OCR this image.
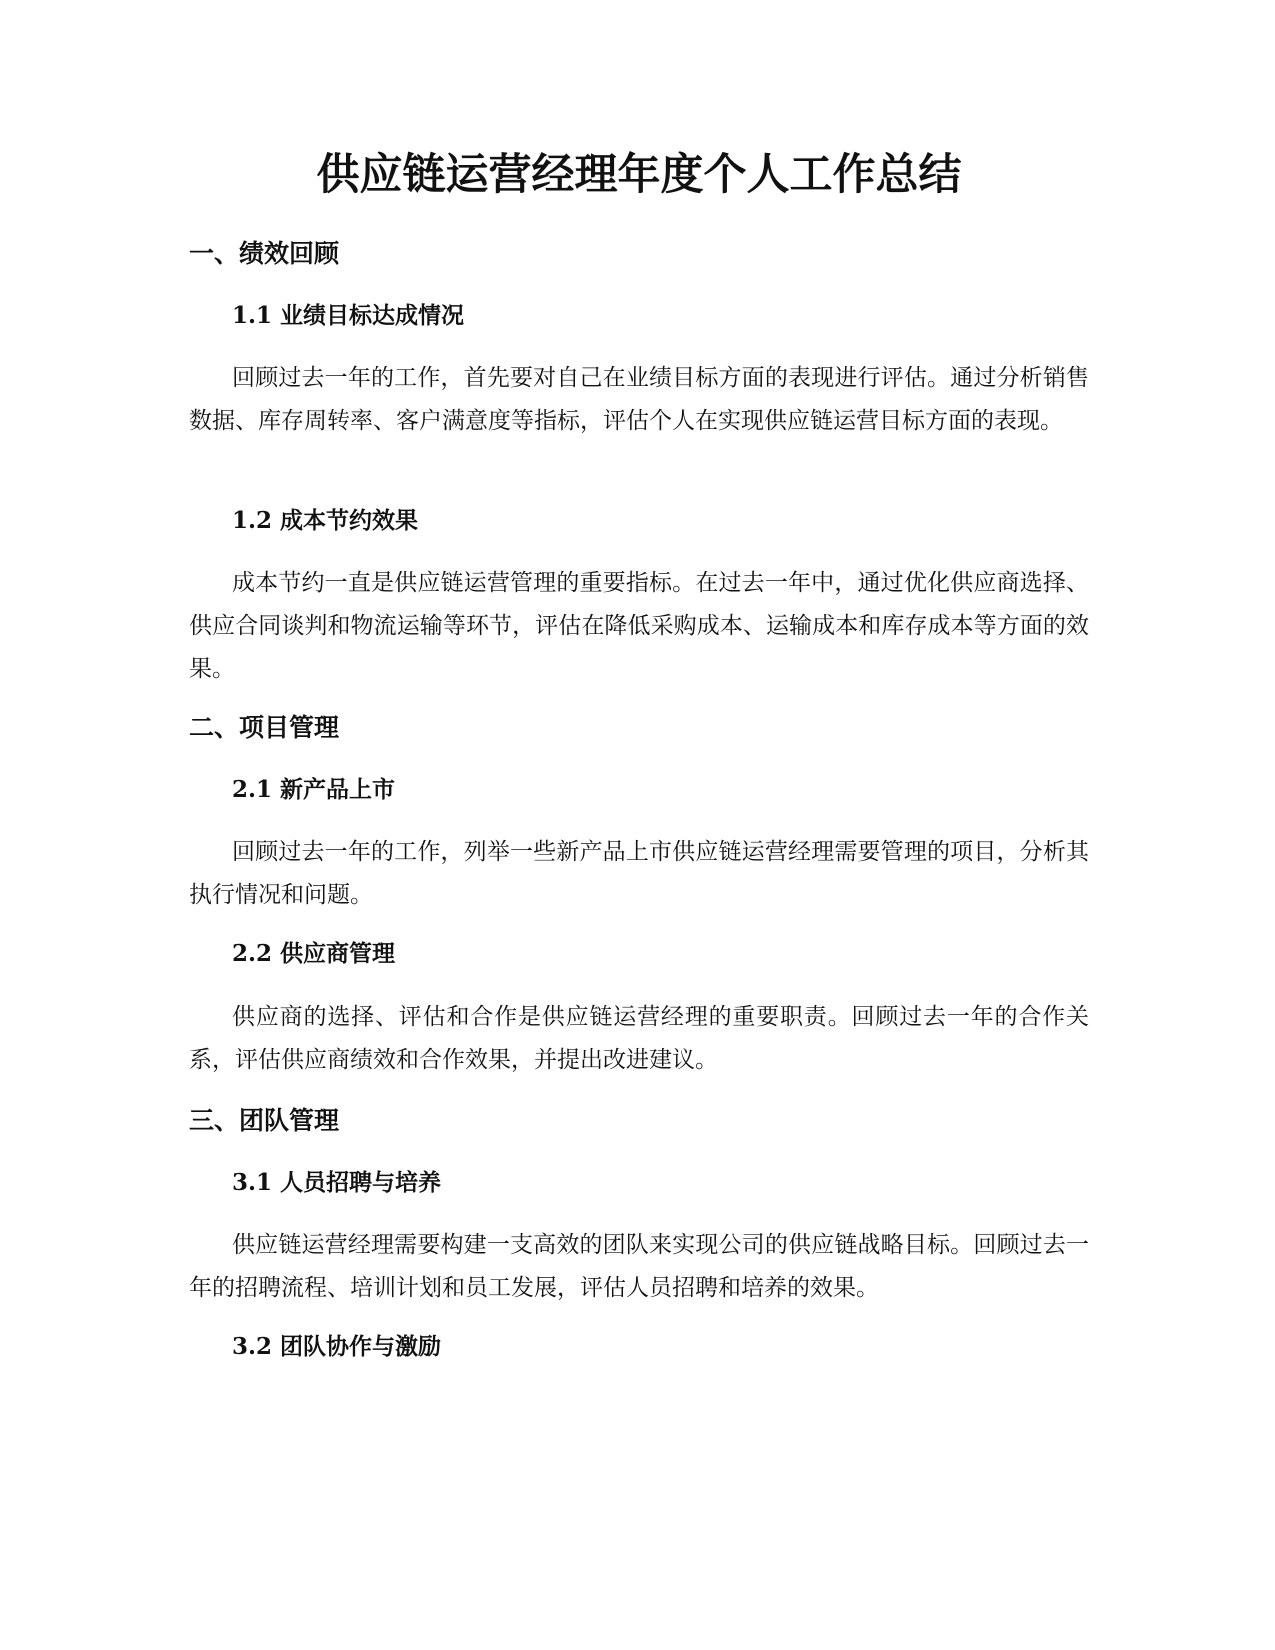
供应链运营经理年度个人工作总结
一、绩效回顾
1.1 业绩目标达成情况

回顾过去一年的工作，首先要对自己在业绩目标方面的表现进行评估。通过分析销售数据、库存周转率、客户满意度等指标，评估个人在实现供应链运营目标方面的表现。

1.2 成本节约效果

成本节约一直是供应链运营管理的重要指标。在过去一年中，通过优化供应商选择、供应合同谈判和物流运输等环节，评估在降低采购成本、运输成本和库存成本等方面的效果。

二、项目管理
2.1 新产品上市

回顾过去一年的工作，列举一些新产品上市供应链运营经理需要管理的项目，分析其执行情况和问题。

2.2 供应商管理

供应商的选择、评估和合作是供应链运营经理的重要职责。回顾过去一年的合作关系，评估供应商绩效和合作效果，并提出改进建议。

三、团队管理
3.1 人员招聘与培养

供应链运营经理需要构建一支高效的团队来实现公司的供应链战略目标。回顾过去一年的招聘流程、培训计划和员工发展，评估人员招聘和培养的效果。

3.2 团队协作与激励
